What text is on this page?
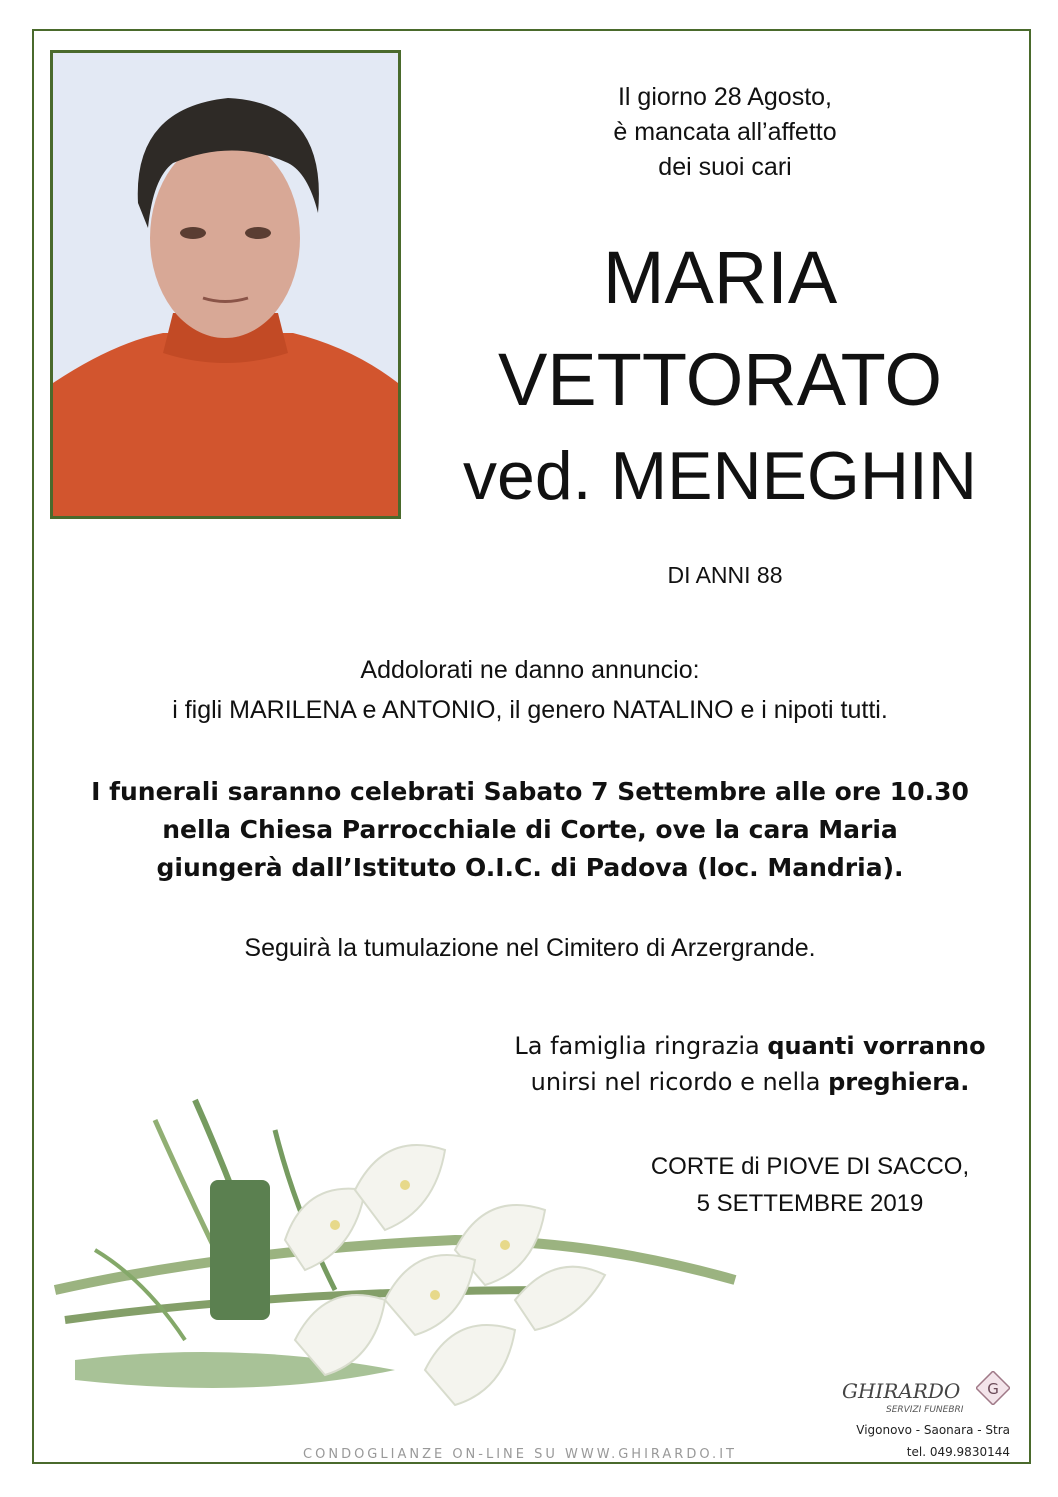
Il giorno 28 Agosto,
è mancata all’affetto
dei suoi cari
MARIA
VETTORATO
ved. MENEGHIN
DI ANNI 88
Addolorati ne danno annuncio:
i figli MARILENA e ANTONIO, il genero NATALINO e i nipoti tutti.
I funerali saranno celebrati Sabato 7 Settembre alle ore 10.30
nella Chiesa Parrocchiale di Corte, ove la cara Maria
giungerà dall’Istituto O.I.C. di Padova (loc. Mandria).
Seguirà la tumulazione nel Cimitero di Arzergrande.
La famiglia ringrazia quanti vorranno
unirsi nel ricordo e nella preghiera.
CORTE di PIOVE DI SACCO,
5 SETTEMBRE 2019
CONDOGLIANZE ON-LINE SU WWW.GHIRARDO.IT
GHIRARDO
SERVIZI FUNEBRI
G
Vigonovo - Saonara - Stra
tel. 049.9830144
